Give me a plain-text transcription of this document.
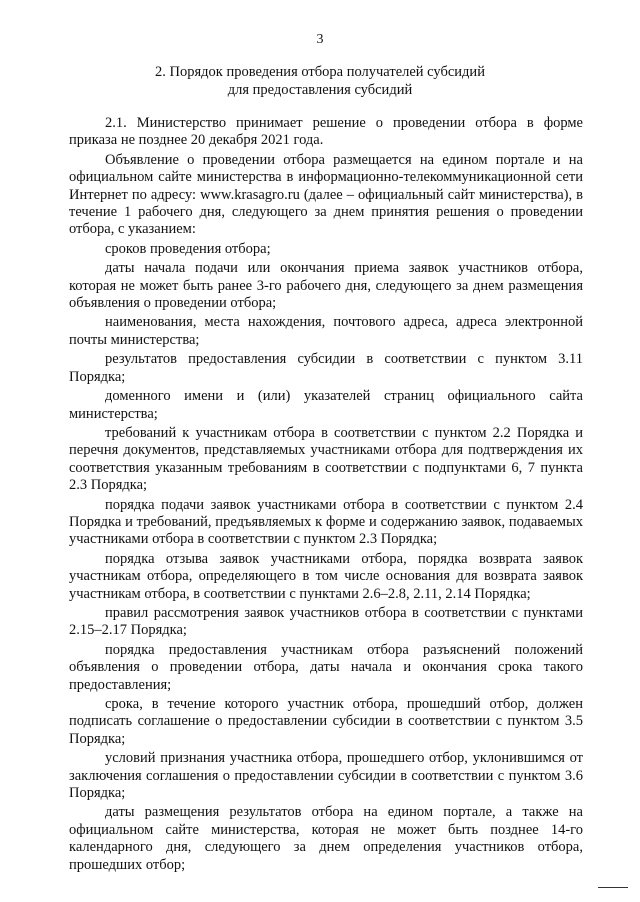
3
2. Порядок проведения отбора получателей субсидий
для предоставления субсидий

2.1. Министерство принимает решение о проведении отбора в форме приказа не позднее 20 декабря 2021 года.

Объявление о проведении отбора размещается на едином портале и на официальном сайте министерства в информационно-телекоммуникационной сети Интернет по адресу: www.krasagro.ru (далее – официальный сайт министерства), в течение 1 рабочего дня, следующего за днем принятия решения о проведении отбора, с указанием:

сроков проведения отбора;

даты начала подачи или окончания приема заявок участников отбора, которая не может быть ранее 3-го рабочего дня, следующего за днем размещения объявления о проведении отбора;

наименования, места нахождения, почтового адреса, адреса электронной почты министерства;

результатов предоставления субсидии в соответствии с пунктом 3.11 Порядка;

доменного имени и (или) указателей страниц официального сайта министерства;

требований к участникам отбора в соответствии с пунктом 2.2 Порядка и перечня документов, представляемых участниками отбора для подтверждения их соответствия указанным требованиям в соответствии с подпунктами 6, 7 пункта 2.3 Порядка;

порядка подачи заявок участниками отбора в соответствии с пунктом 2.4 Порядка и требований, предъявляемых к форме и содержанию заявок, подаваемых участниками отбора в соответствии с пунктом 2.3 Порядка;

порядка отзыва заявок участниками отбора, порядка возврата заявок участникам отбора, определяющего в том числе основания для возврата заявок участникам отбора, в соответствии с пунктами 2.6–2.8, 2.11, 2.14 Порядка;

правил рассмотрения заявок участников отбора в соответствии с пунктами 2.15–2.17 Порядка;

порядка предоставления участникам отбора разъяснений положений объявления о проведении отбора, даты начала и окончания срока такого предоставления;

срока, в течение которого участник отбора, прошедший отбор, должен подписать соглашение о предоставлении субсидии в соответствии с пунктом 3.5 Порядка;

условий признания участника отбора, прошедшего отбор, уклонившимся от заключения соглашения о предоставлении субсидии в соответствии с пунктом 3.6 Порядка;

даты размещения результатов отбора на едином портале, а также на официальном сайте министерства, которая не может быть позднее 14-го календарного дня, следующего за днем определения участников отбора, прошедших отбор;
